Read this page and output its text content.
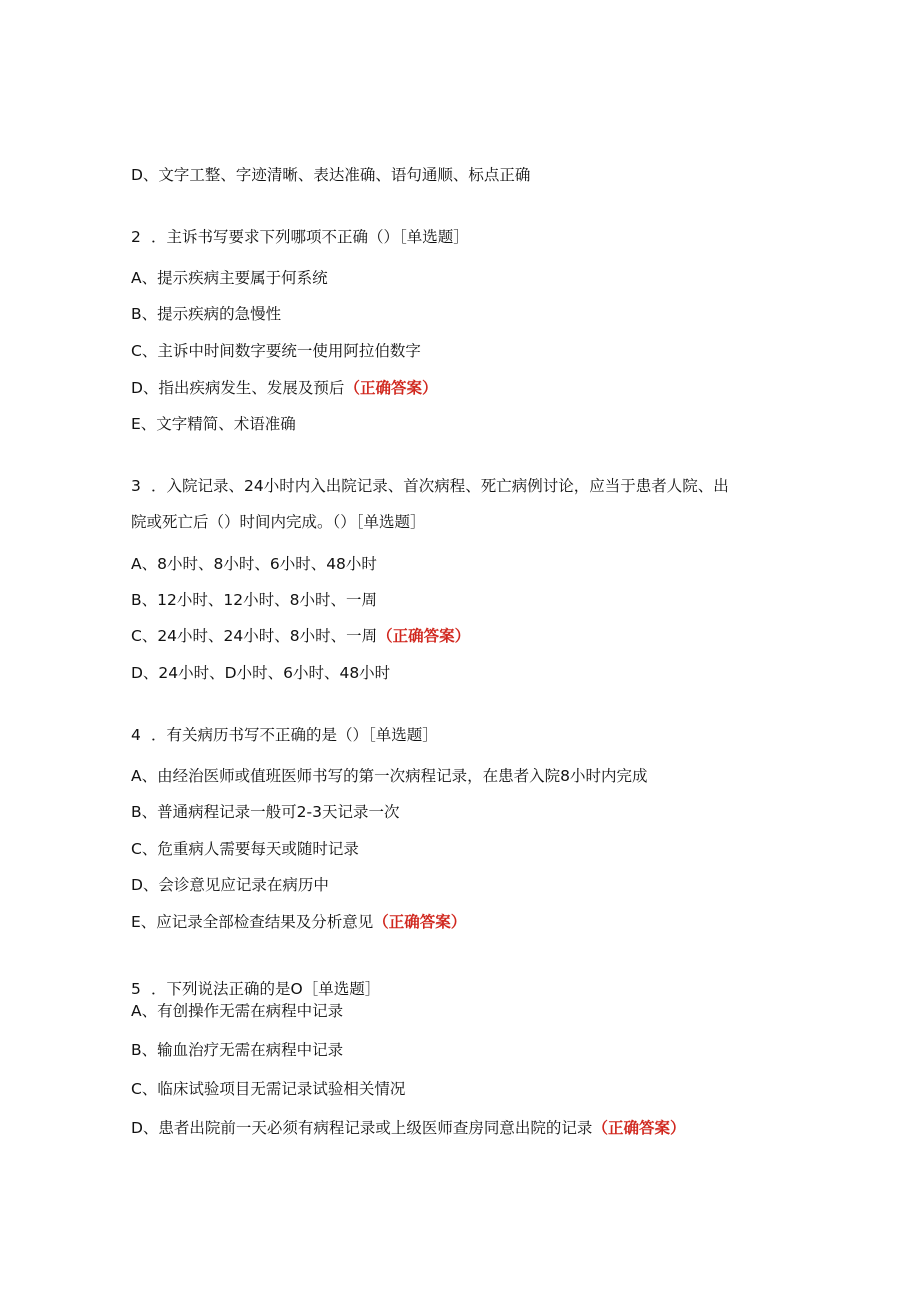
D、文字工整、字迹清晰、表达准确、语句通顺、标点正确
2 ．主诉书写要求下列哪项不正确（）［单选题］
A、提示疾病主要属于何系统
B、提示疾病的急慢性
C、主诉中时间数字要统一使用阿拉伯数字
D、指出疾病发生、发展及预后（正确答案）
E、文字精简、术语准确
3 ．入院记录、24小时内入出院记录、首次病程、死亡病例讨论，应当于患者人院、出
院或死亡后（）时间内完成。（）［单选题］
A、8小时、8小时、6小时、48小时
B、12小时、12小时、8小时、一周
C、24小时、24小时、8小时、一周（正确答案）
D、24小时、D小时、6小时、48小时
4 ．有关病历书写不正确的是（）［单选题］
A、由经治医师或值班医师书写的第一次病程记录，在患者入院8小时内完成
B、普通病程记录一般可2-3天记录一次
C、危重病人需要每天或随时记录
D、会诊意见应记录在病历中
E、应记录全部检查结果及分析意见（正确答案）
5 ．下列说法正确的是O［单选题］
A、有创操作无需在病程中记录
B、输血治疗无需在病程中记录
C、临床试验项目无需记录试验相关情况
D、患者出院前一天必须有病程记录或上级医师查房同意出院的记录（正确答案）
